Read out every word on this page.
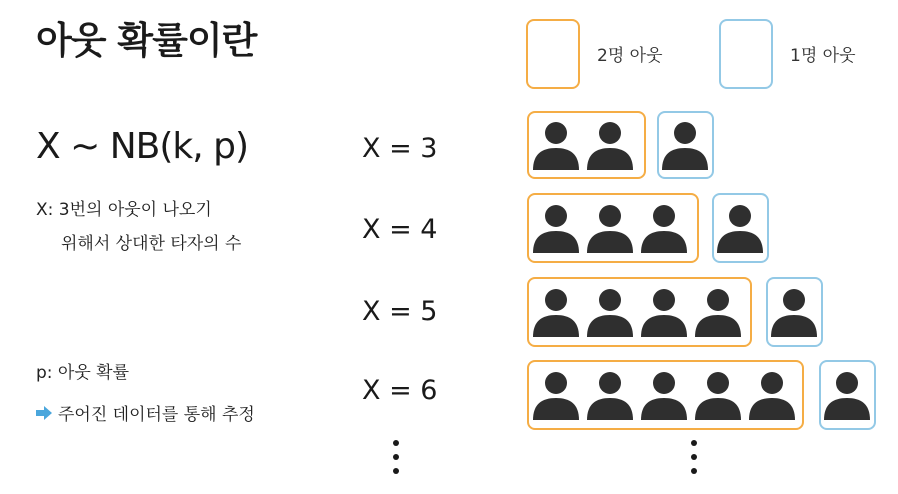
아웃 확률이란
X ~ NB(k, p)
X: 3번의 아웃이 나오기
위해서 상대한 타자의 수
p: 아웃 확률
주어진 데이터를 통해 추정
2명 아웃	1명 아웃
X = 3
X = 4
X = 5
X = 6
